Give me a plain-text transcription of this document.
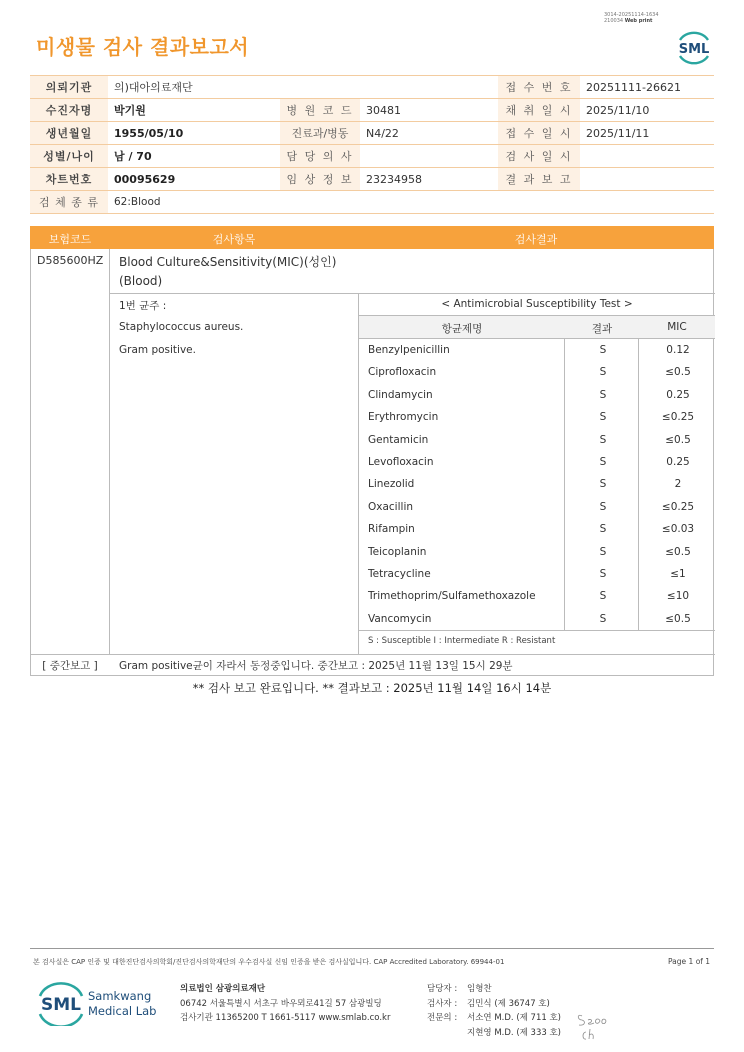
3014-20251114-1634
210034 Web print
미생물 검사 결과보고서	SML
의뢰기관	의)대아의료재단			접 수 번 호	20251111-26621
수진자명	박기원	병 원 코 드	30481	채 취 일 시	2025/11/10
생년월일	1955/05/10	진료과/병동	N4/22	접 수 일 시	2025/11/11
성별/나이	남 / 70	담 당 의 사		검 사 일 시	
차트번호	00095629	임 상 정 보	23234958	결 과 보 고	
검 체 종 류	62:Blood				
보험코드	검사항목	검사결과
D585600HZ Blood Culture&Sensitivity(MIC)(성인)
(Blood)
1번 균주 :
Staphylococcus aureus.
Gram positive.
< Antimicrobial Susceptibility Test >
항균제명	결과	MIC
Benzylpenicillin	S	0.12
Ciprofloxacin	S	≤0.5
Clindamycin	S	0.25
Erythromycin	S	≤0.25
Gentamicin	S	≤0.5
Levofloxacin	S	0.25
Linezolid	S	2
Oxacillin	S	≤0.25
Rifampin	S	≤0.03
Teicoplanin	S	≤0.5
Tetracycline	S	≤1
Trimethoprim/Sulfamethoxazole	S	≤10
Vancomycin	S	≤0.5
S : Susceptible I : Intermediate R : Resistant
[ 중간보고 ]	Gram positive균이 자라서 동정중입니다. 중간보고 : 2025년 11월 13일 15시 29분
** 검사 보고 완료입니다. ** 결과보고 : 2025년 11월 14일 16시 14분
본 검사실은 CAP 인증 및 대한진단검사의학회/진단검사의학재단의 우수검사실 신임 인증을 받은 검사실입니다. CAP Accredited Laboratory. 69944-01	Page 1 of 1
SML Samkwang
Medical Lab
의료법인 삼광의료재단
06742 서울특별시 서초구 바우뫼로41길 57 삼광빌딩
검사기관 11365200 T 1661-5117 www.smlab.co.kr
담당자 : 임형찬
검사자 : 김민식 (제 36747 호)
전문의 : 서소연 M.D. (제 711 호)
지현영 M.D. (제 333 호)
